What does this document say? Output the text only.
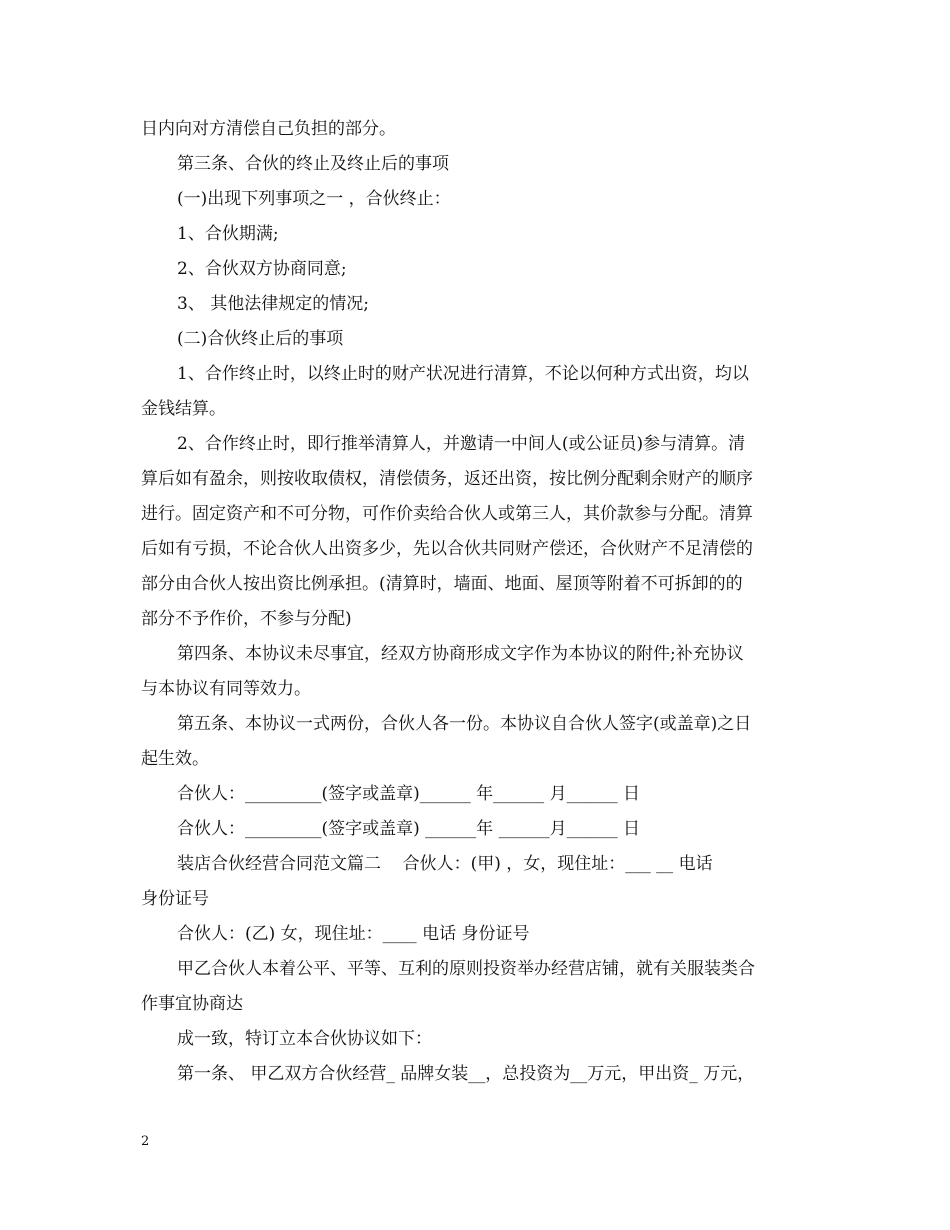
日内向对方清偿自己负担的部分。
第三条、合伙的终止及终止后的事项
(一)出现下列事项之一 ，合伙终止：
1、合伙期满;
2、合伙双方协商同意;
3、 其他法律规定的情况;
(二)合伙终止后的事项
1、合作终止时，以终止时的财产状况进行清算，不论以何种方式出资，均以
金钱结算。
2、合作终止时，即行推举清算人，并邀请一中间人(或公证员)参与清算。清
算后如有盈余，则按收取债权，清偿债务，返还出资，按比例分配剩余财产的顺序
进行。固定资产和不可分物，可作价卖给合伙人或第三人，其价款参与分配。清算
后如有亏损，不论合伙人出资多少，先以合伙共同财产偿还，合伙财产不足清偿的
部分由合伙人按出资比例承担。(清算时，墙面、地面、屋顶等附着不可拆卸的的
部分不予作价，不参与分配)
第四条、本协议未尽事宜，经双方协商形成文字作为本协议的附件;补充协议
与本协议有同等效力。
第五条、本协议一式两份，合伙人各一份。本协议自合伙人签字(或盖章)之日
起生效。
合伙人：_________(签字或盖章)______ 年______ 月______ 日
合伙人：_________(签字或盖章) ______年 ______月______ 日
装店合伙经营合同范文篇二    合伙人：(甲) ，女，现住址：___ __ 电话
身份证号
合伙人：(乙) 女，现住址：____ 电话 身份证号
甲乙合伙人本着公平、平等、互利的原则投资举办经营店铺，就有关服装类合
作事宜协商达
成一致，特订立本合伙协议如下：
第一条、 甲乙双方合伙经营_ 品牌女装__，总投资为__万元，甲出资_ 万元，
2
